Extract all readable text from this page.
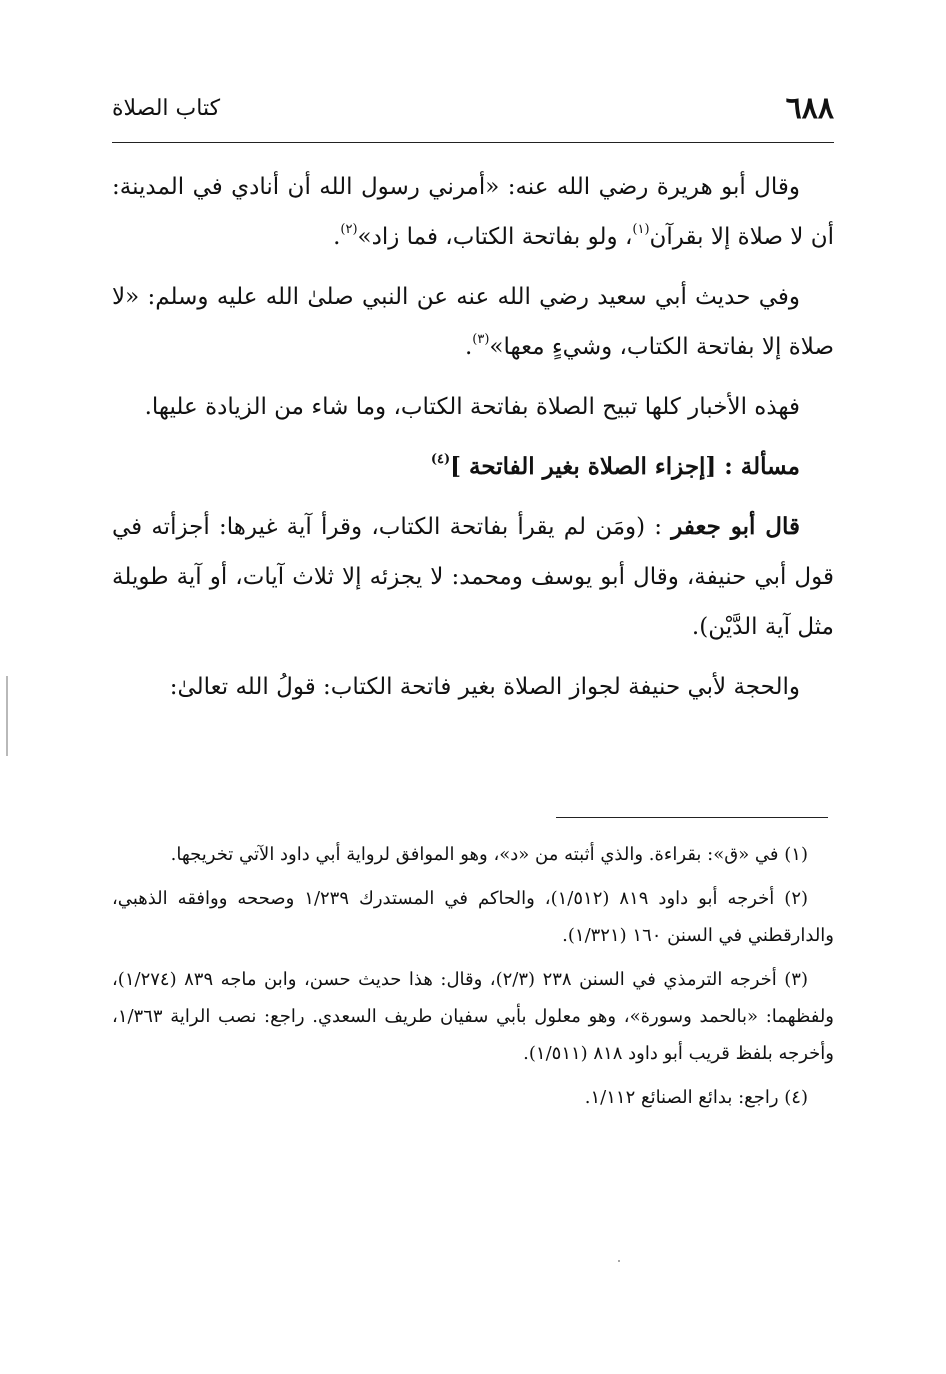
٦٨٨
كتاب الصلاة

وقال أبو هريرة رضي الله عنه: «أمرني رسول الله أن أنادي في المدينة: أن لا صلاة إلا بقرآن$^{(١)}$، ولو بفاتحة الكتاب، فما زاد»$^{(٢)}$.

وفي حديث أبي سعيد رضي الله عنه عن النبي صلىٰ الله عليه وسلم: «لا صلاة إلا بفاتحة الكتاب، وشيءٍ معها»$^{(٣)}$.

فهذه الأخبار كلها تبيح الصلاة بفاتحة الكتاب، وما شاء من الزيادة عليها.

مسألة : [إجزاء الصلاة بغير الفاتحة ]$^{(٤)}$

قال أبو جعفر : (ومَن لم يقرأ بفاتحة الكتاب، وقرأ آية غيرها: أجزأته في قول أبي حنيفة، وقال أبو يوسف ومحمد: لا يجزئه إلا ثلاث آيات، أو آية طويلة مثل آية الدَّيْن).

والحجة لأبي حنيفة لجواز الصلاة بغير فاتحة الكتاب: قولُ الله تعالىٰ:

(١) في «ق»: بقراءة. والذي أثبته من «د»، وهو الموافق لرواية أبي داود الآتي تخريجها.

(٢) أخرجه أبو داود ٨١٩ (١/٥١٢)، والحاكم في المستدرك ١/٢٣٩ وصححه ووافقه الذهبي، والدارقطني في السنن ١٦٠ (١/٣٢١).

(٣) أخرجه الترمذي في السنن ٢٣٨ (٢/٣)، وقال: هذا حديث حسن، وابن ماجه ٨٣٩ (١/٢٧٤)، ولفظهما: «بالحمد وسورة»، وهو معلول بأبي سفيان طريف السعدي. راجع: نصب الراية ١/٣٦٣، وأخرجه بلفظ قريب أبو داود ٨١٨ (١/٥١١).

(٤) راجع: بدائع الصنائع ١/١١٢.
